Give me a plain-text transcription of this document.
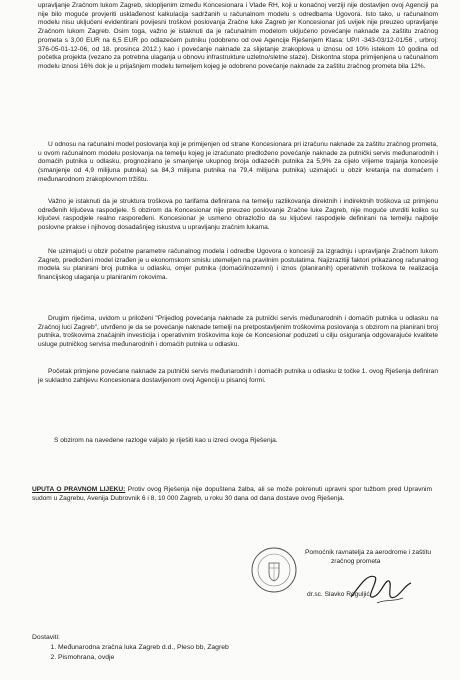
upravljanje Zračnom lukom Zagreb, sklopljenim između Koncesionara i Vlade RH, koji u konačnoj verziji nije dostavljen ovoj Agenciji pa nije bilo moguće provjeriti usklađenost kalkulacija sadržanih u računalnom modelu s odredbama Ugovora. Isto tako, u računalnom modelu nisu uključeni evidentirani povijesni troškovi poslovanja Zračne luke Zagreb jer Koncesionar još uvijek nije preuzeo upravljanje Zračnom lukom Zagreb. Osim toga, važno je istaknuti da je računalnim modelom uključeno povećanje naknade za zaštitu zračnog prometa s 3,00 EUR na 6,5 EUR po odlazećem putniku (odobreno od ove Agencije Rješenjem Klasa: UP/I -343-03/12-01/56 , urbroj: 376-05-01-12-06, od 18. prosinca 2012.) kao i povećanje naknade za slijetanje zrakoplova u iznosu od 10% istekom 10 godina od početka projekta (vezano za potrebna ulaganja u obnovu infrastrukture uzletno/sletne staze). Diskontna stopa primijenjena u računalnom modelu iznosi 16% dok je u prijašnjem modelu temeljem kojeg je odobreno povećanje naknade za zaštitu zračnog prometa bila 12%.

U odnosu na računalni model poslovanja koji je primijenjen od strane Koncesionara pri izračunu naknade za zaštitu zračnog prometa, u ovom računalnom modelu poslovanja na temelju kojeg je izračunato predloženo povećanje naknade za putnički servis međunarodnih i domaćih putnika u odlasku, prognozirano je smanjenje ukupnog broja odlazećih putnika za 5,9% za cijelo vrijeme trajanja koncesije (smanjenje od 4,9 milijuna putnika) sa 84,3 milijuna putnika na 79,4 milijuna putnika) uzimajući u obzir kretanja na domaćem i međunarodnom zrakoplovnom tržištu.

Važno je istaknuti da je struktura troškova po tarifama definirana na temelju razlikovanja direktnih i indirektnih troškova uz primjenu određenih ključeva raspodjele. S obzirom da Koncesionar nije preuzeo poslovanje Zračne luke Zagreb, nije moguće utvrditi koliko su ključevi raspodjele realno raspoređeni. Koncesionar je usmeno obrazložio da su ključevi raspodjele definirani na temelju najbolje poslovne prakse i njihovog dosadašnjeg iskustva u upravljanju zračnim lukama.

Ne uzimajući u obzir početne parametre računalnog modela i odredbe Ugovora o koncesiji za izgradnju i upravljanje Zračnom lukom Zagreb, predloženi model izrađen je u ekonomskom smislu utemeljen na pravilnim postulatima. Najizrazitiji faktori prikazanog računalnog modela su planirani broj putnika u odlasku, omjer putnika (domaći/inozemni) i iznos (planiranih) operativnih troškova te realizacija financijskog ulaganja u planiranim rokovima.

Drugim riječima, uvidom u priloženi "Prijedlog povećanja naknade za putnički servis međunarodnih i domaćih putnika u odlasku na Zračnoj luci Zagreb", utvrđeno je da se povećanje naknade temelji na pretpostavljenim troškovima poslovanja s obzirom na planirani broj putnika, troškovima značajnih investicija i operativnim troškovima koje će Koncesionar poduzeti u cilju osiguranja odgovarajuće kvalitete usluge putničkog servisa međunarodnih i domaćih putnika u odlasku.

Početak primjene povećane naknade za putnički servis međunarodnih i domaćih putnika u odlasku iz točke 1. ovog Rješenja definiran je sukladno zahtjevu Koncesionara dostavljenom ovoj Agenciji u pisanoj formi.

S obzirom na navedene razloge valjalo je riješiti kao u izreci ovoga Rješenja.

UPUTA O PRAVNOM LIJEKU: Protiv ovog Rješenja nije dopuštena žalba, ali se može pokrenuti upravni spor tužbom pred Upravnim sudom u Zagrebu, Avenija Dubrovnik 6 i 8, 10 000 Zagreb, u roku 30 dana od dana dostave ovog Rješenja.

Pomoćnik ravnatelja za aerodrome i zaštitu
zračnog prometa
dr.sc. Slavko Roguljić
Dostaviti:
1. Međunarodna zračna luka Zagreb d.d., Pleso bb, Zagreb
2. Pismohrana, ovdje
